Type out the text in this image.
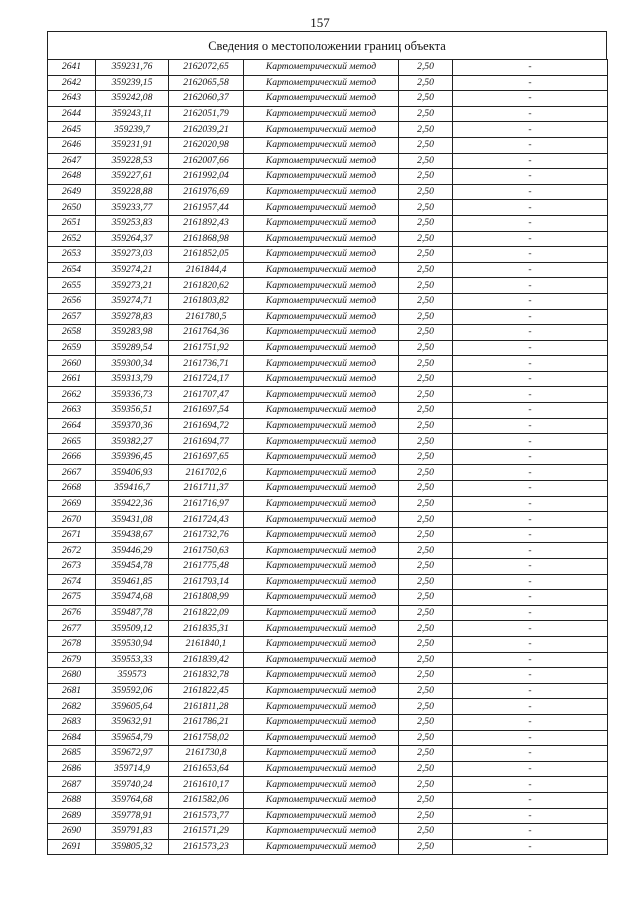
157
Сведения о местоположении границ объекта
2641	359231,76	2162072,65	Картометрический метод	2,50	-
2642	359239,15	2162065,58	Картометрический метод	2,50	-
2643	359242,08	2162060,37	Картометрический метод	2,50	-
2644	359243,11	2162051,79	Картометрический метод	2,50	-
2645	359239,7	2162039,21	Картометрический метод	2,50	-
2646	359231,91	2162020,98	Картометрический метод	2,50	-
2647	359228,53	2162007,66	Картометрический метод	2,50	-
2648	359227,61	2161992,04	Картометрический метод	2,50	-
2649	359228,88	2161976,69	Картометрический метод	2,50	-
2650	359233,77	2161957,44	Картометрический метод	2,50	-
2651	359253,83	2161892,43	Картометрический метод	2,50	-
2652	359264,37	2161868,98	Картометрический метод	2,50	-
2653	359273,03	2161852,05	Картометрический метод	2,50	-
2654	359274,21	2161844,4	Картометрический метод	2,50	-
2655	359273,21	2161820,62	Картометрический метод	2,50	-
2656	359274,71	2161803,82	Картометрический метод	2,50	-
2657	359278,83	2161780,5	Картометрический метод	2,50	-
2658	359283,98	2161764,36	Картометрический метод	2,50	-
2659	359289,54	2161751,92	Картометрический метод	2,50	-
2660	359300,34	2161736,71	Картометрический метод	2,50	-
2661	359313,79	2161724,17	Картометрический метод	2,50	-
2662	359336,73	2161707,47	Картометрический метод	2,50	-
2663	359356,51	2161697,54	Картометрический метод	2,50	-
2664	359370,36	2161694,72	Картометрический метод	2,50	-
2665	359382,27	2161694,77	Картометрический метод	2,50	-
2666	359396,45	2161697,65	Картометрический метод	2,50	-
2667	359406,93	2161702,6	Картометрический метод	2,50	-
2668	359416,7	2161711,37	Картометрический метод	2,50	-
2669	359422,36	2161716,97	Картометрический метод	2,50	-
2670	359431,08	2161724,43	Картометрический метод	2,50	-
2671	359438,67	2161732,76	Картометрический метод	2,50	-
2672	359446,29	2161750,63	Картометрический метод	2,50	-
2673	359454,78	2161775,48	Картометрический метод	2,50	-
2674	359461,85	2161793,14	Картометрический метод	2,50	-
2675	359474,68	2161808,99	Картометрический метод	2,50	-
2676	359487,78	2161822,09	Картометрический метод	2,50	-
2677	359509,12	2161835,31	Картометрический метод	2,50	-
2678	359530,94	2161840,1	Картометрический метод	2,50	-
2679	359553,33	2161839,42	Картометрический метод	2,50	-
2680	359573	2161832,78	Картометрический метод	2,50	-
2681	359592,06	2161822,45	Картометрический метод	2,50	-
2682	359605,64	2161811,28	Картометрический метод	2,50	-
2683	359632,91	2161786,21	Картометрический метод	2,50	-
2684	359654,79	2161758,02	Картометрический метод	2,50	-
2685	359672,97	2161730,8	Картометрический метод	2,50	-
2686	359714,9	2161653,64	Картометрический метод	2,50	-
2687	359740,24	2161610,17	Картометрический метод	2,50	-
2688	359764,68	2161582,06	Картометрический метод	2,50	-
2689	359778,91	2161573,77	Картометрический метод	2,50	-
2690	359791,83	2161571,29	Картометрический метод	2,50	-
2691	359805,32	2161573,23	Картометрический метод	2,50	-
